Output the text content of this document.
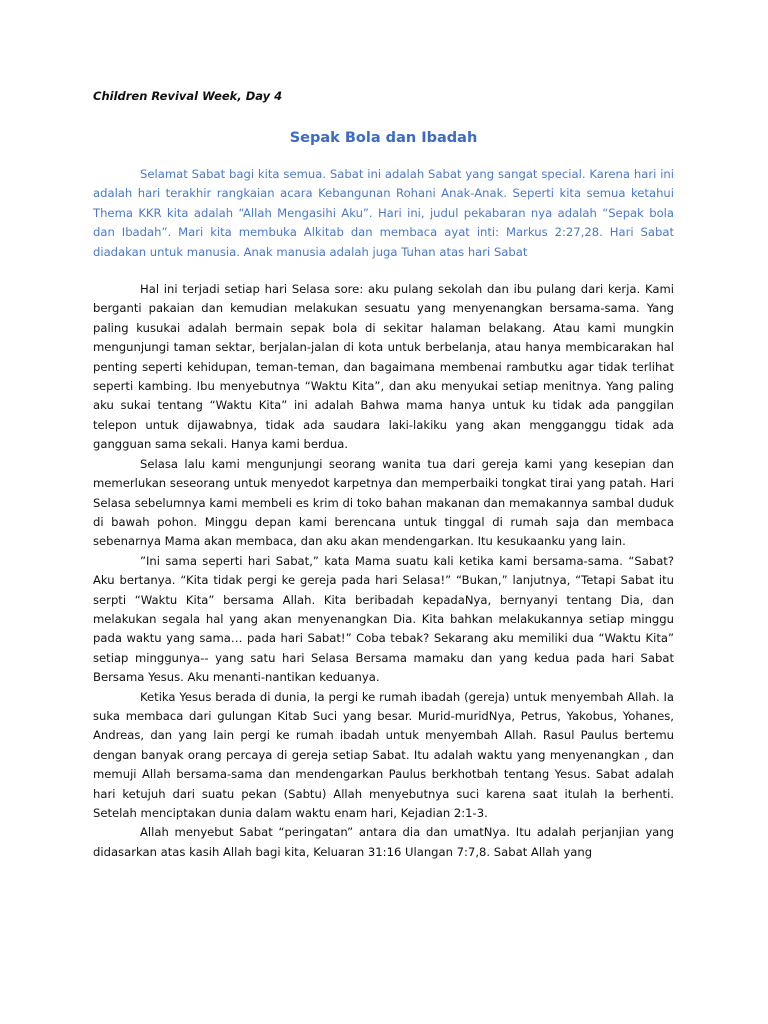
Children Revival Week, Day 4

Sepak Bola dan Ibadah

Selamat Sabat bagi kita semua. Sabat ini adalah Sabat yang sangat special. Karena hari ini adalah hari terakhir rangkaian acara Kebangunan Rohani Anak-Anak. Seperti kita semua ketahui Thema KKR kita adalah “Allah Mengasihi Aku”. Hari ini, judul pekabaran nya adalah “Sepak bola dan Ibadah”. Mari kita membuka Alkitab dan membaca ayat inti: Markus 2:27,28. Hari Sabat diadakan untuk manusia. Anak manusia adalah juga Tuhan atas hari Sabat

Hal ini terjadi setiap hari Selasa sore: aku pulang sekolah dan ibu pulang dari kerja. Kami berganti pakaian dan kemudian melakukan sesuatu yang menyenangkan bersama-sama. Yang paling kusukai adalah bermain sepak bola di sekitar halaman belakang. Atau kami mungkin mengunjungi taman sektar, berjalan-jalan di kota untuk berbelanja, atau hanya membicarakan hal penting seperti kehidupan, teman-teman, dan bagaimana membenai rambutku agar tidak terlihat seperti kambing. Ibu menyebutnya “Waktu Kita”, dan aku menyukai setiap menitnya. Yang paling aku sukai tentang “Waktu Kita” ini adalah Bahwa mama hanya untuk ku tidak ada panggilan telepon untuk dijawabnya, tidak ada saudara laki-lakiku yang akan mengganggu tidak ada gangguan sama sekali. Hanya kami berdua.

Selasa lalu kami mengunjungi seorang wanita tua dari gereja kami yang kesepian dan memerlukan seseorang untuk menyedot karpetnya dan memperbaiki tongkat tirai yang patah. Hari Selasa sebelumnya kami membeli es krim di toko bahan makanan dan memakannya sambal duduk di bawah pohon. Minggu depan kami berencana untuk tinggal di rumah saja dan membaca sebenarnya Mama akan membaca, dan aku akan mendengarkan. Itu kesukaanku yang lain.

”Ini sama seperti hari Sabat,” kata Mama suatu kali ketika kami bersama-sama. “Sabat? Aku bertanya. “Kita tidak pergi ke gereja pada hari Selasa!” “Bukan,” lanjutnya, “Tetapi Sabat itu serpti “Waktu Kita” bersama Allah. Kita beribadah kepadaNya, bernyanyi tentang Dia, dan melakukan segala hal yang akan menyenangkan Dia. Kita bahkan melakukannya setiap minggu pada waktu yang sama… pada hari Sabat!” Coba tebak? Sekarang aku memiliki dua “Waktu Kita” setiap minggunya-- yang satu hari Selasa Bersama mamaku dan yang kedua pada hari Sabat Bersama Yesus. Aku menanti-nantikan keduanya.

Ketika Yesus berada di dunia, Ia pergi ke rumah ibadah (gereja) untuk menyembah Allah. Ia suka membaca dari gulungan Kitab Suci yang besar. Murid-muridNya, Petrus, Yakobus, Yohanes, Andreas, dan yang lain pergi ke rumah ibadah untuk menyembah Allah. Rasul Paulus bertemu dengan banyak orang percaya di gereja setiap Sabat. Itu adalah waktu yang menyenangkan , dan memuji Allah bersama-sama dan mendengarkan Paulus berkhotbah tentang Yesus. Sabat adalah hari ketujuh dari suatu pekan (Sabtu) Allah menyebutnya suci karena saat itulah Ia berhenti. Setelah menciptakan dunia dalam waktu enam hari, Kejadian 2:1-3.

Allah menyebut Sabat “peringatan” antara dia dan umatNya. Itu adalah perjanjian yang didasarkan atas kasih Allah bagi kita, Keluaran 31:16 Ulangan 7:7,8. Sabat Allah yang
